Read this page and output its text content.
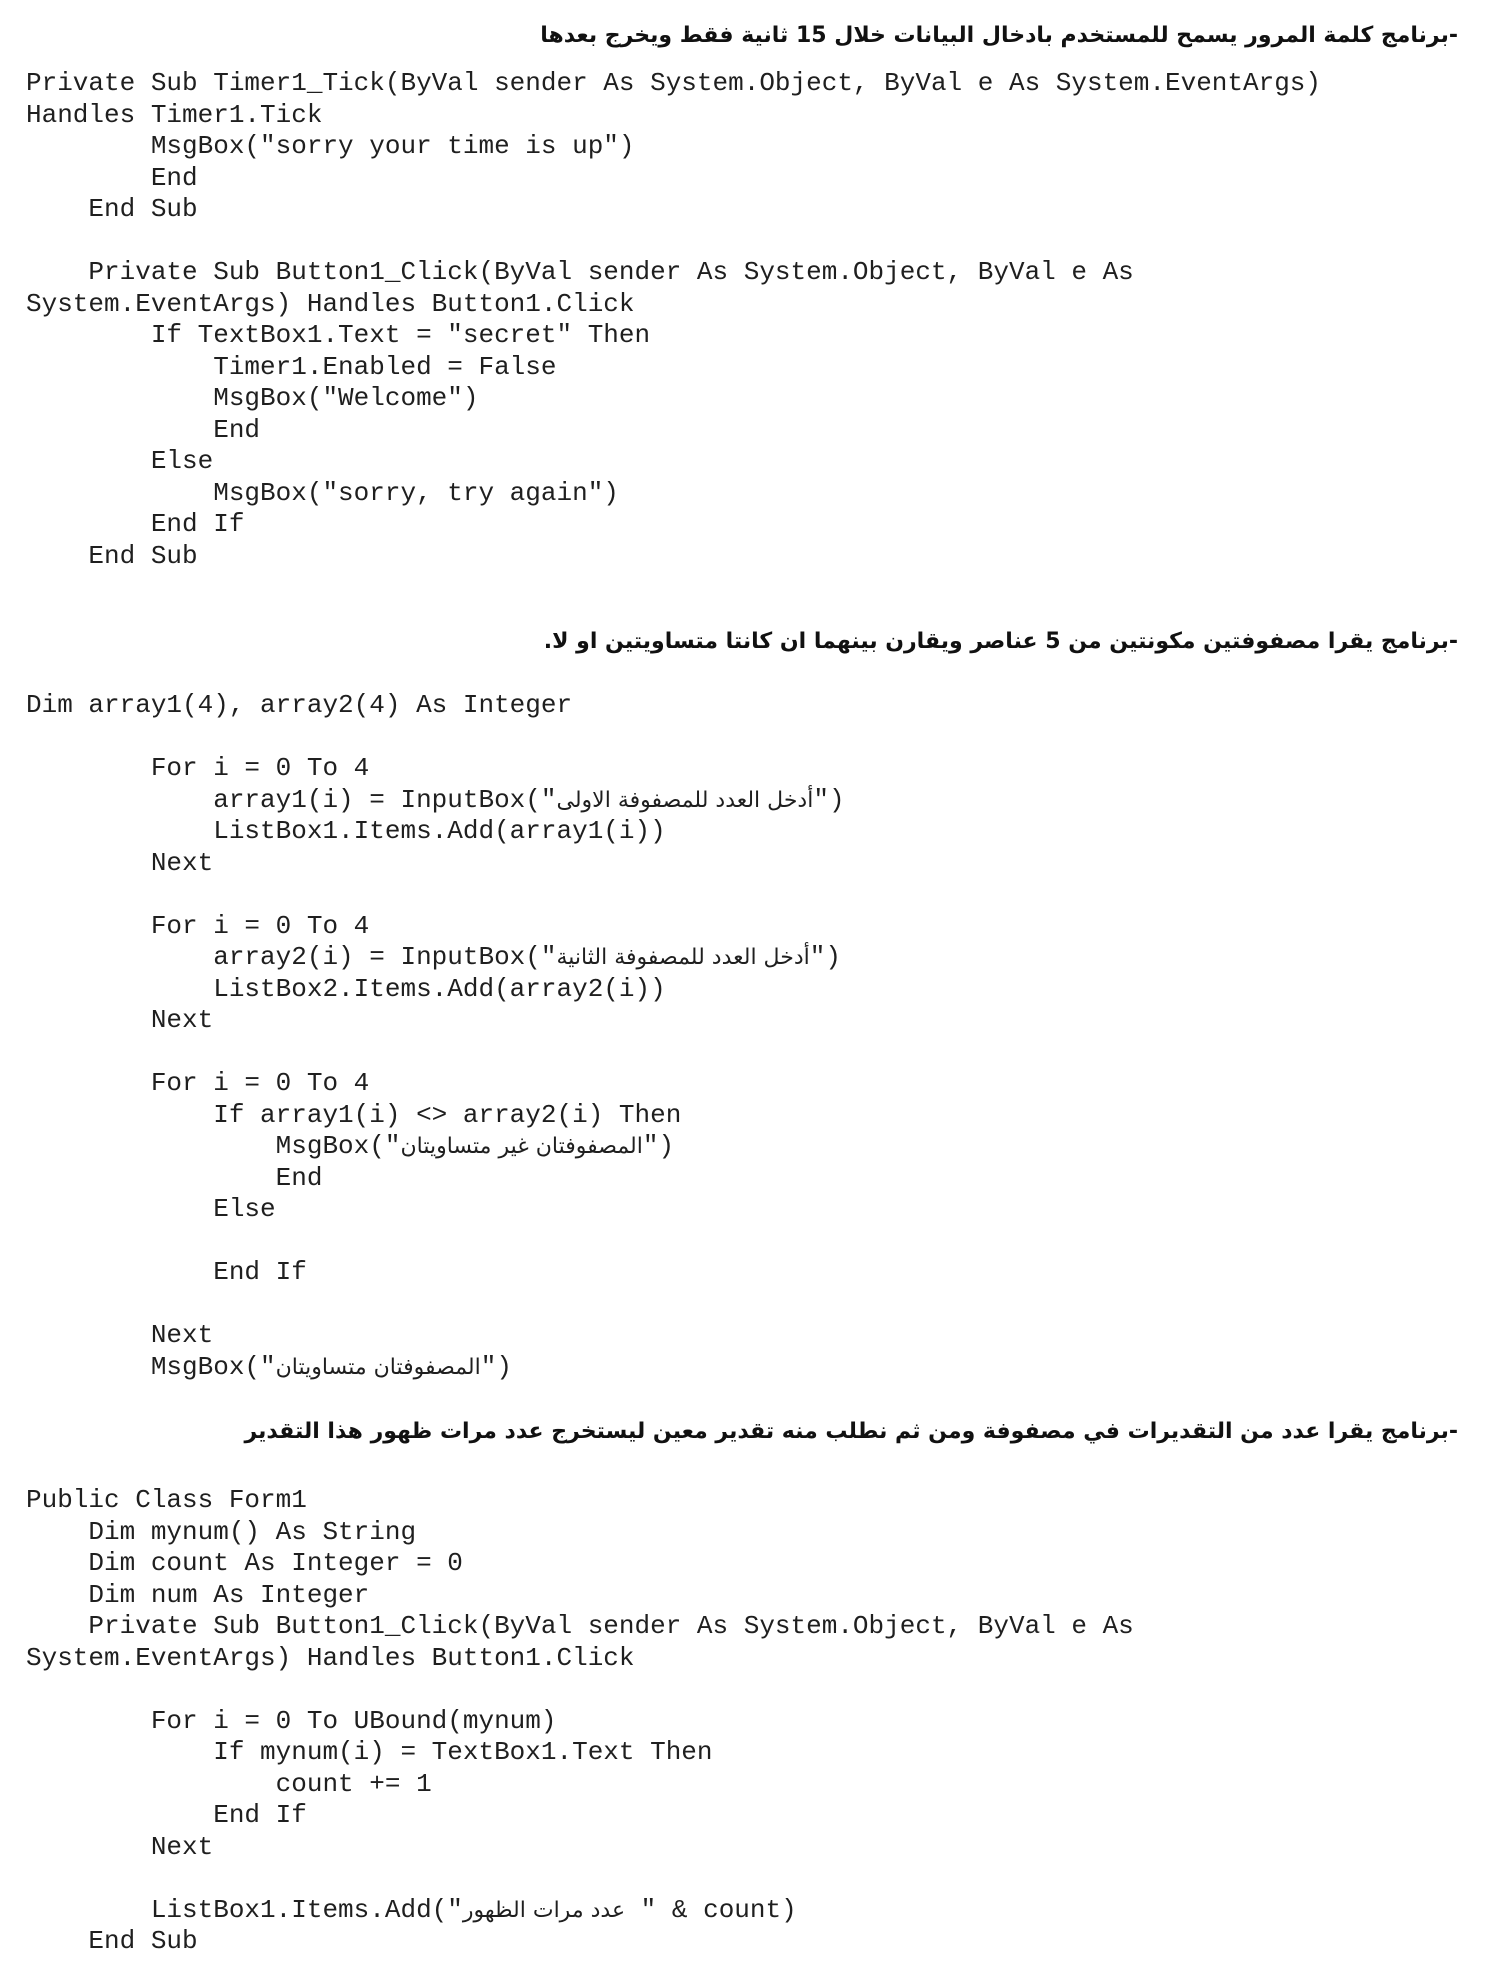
-برنامج كلمة المرور يسمح للمستخدم بادخال البيانات خلال 15 ثانية فقط ويخرج بعدها
Private Sub Timer1_Tick(ByVal sender As System.Object, ByVal e As System.EventArgs)
Handles Timer1.Tick
MsgBox("sorry your time is up")
End
End Sub

Private Sub Button1_Click(ByVal sender As System.Object, ByVal e As
System.EventArgs) Handles Button1.Click
If TextBox1.Text = "secret" Then
Timer1.Enabled = False
MsgBox("Welcome")
End
Else
MsgBox("sorry, try again")
End If
End Sub
-برنامج يقرا مصفوفتين مكونتين من 5 عناصر ويقارن بينهما ان كانتا متساويتين او لا.
Dim array1(4), array2(4) As Integer

For i = 0 To 4
array1(i) = InputBox("أدخل العدد للمصفوفة الاولى")
ListBox1.Items.Add(array1(i))
Next

For i = 0 To 4
array2(i) = InputBox("أدخل العدد للمصفوفة الثانية")
ListBox2.Items.Add(array2(i))
Next

For i = 0 To 4
If array1(i) <> array2(i) Then
MsgBox("المصفوفتان غير متساويتان")
End
Else

End If

Next
MsgBox("المصفوفتان متساويتان")
-برنامج يقرا عدد من التقديرات في مصفوفة ومن ثم نطلب منه تقدير معين ليستخرج عدد مرات ظهور هذا التقدير
Public Class Form1
Dim mynum() As String
Dim count As Integer = 0
Dim num As Integer
Private Sub Button1_Click(ByVal sender As System.Object, ByVal e As
System.EventArgs) Handles Button1.Click

For i = 0 To UBound(mynum)
If mynum(i) = TextBox1.Text Then
count += 1
End If
Next

ListBox1.Items.Add("عدد مرات الظهور " & count)
End Sub
